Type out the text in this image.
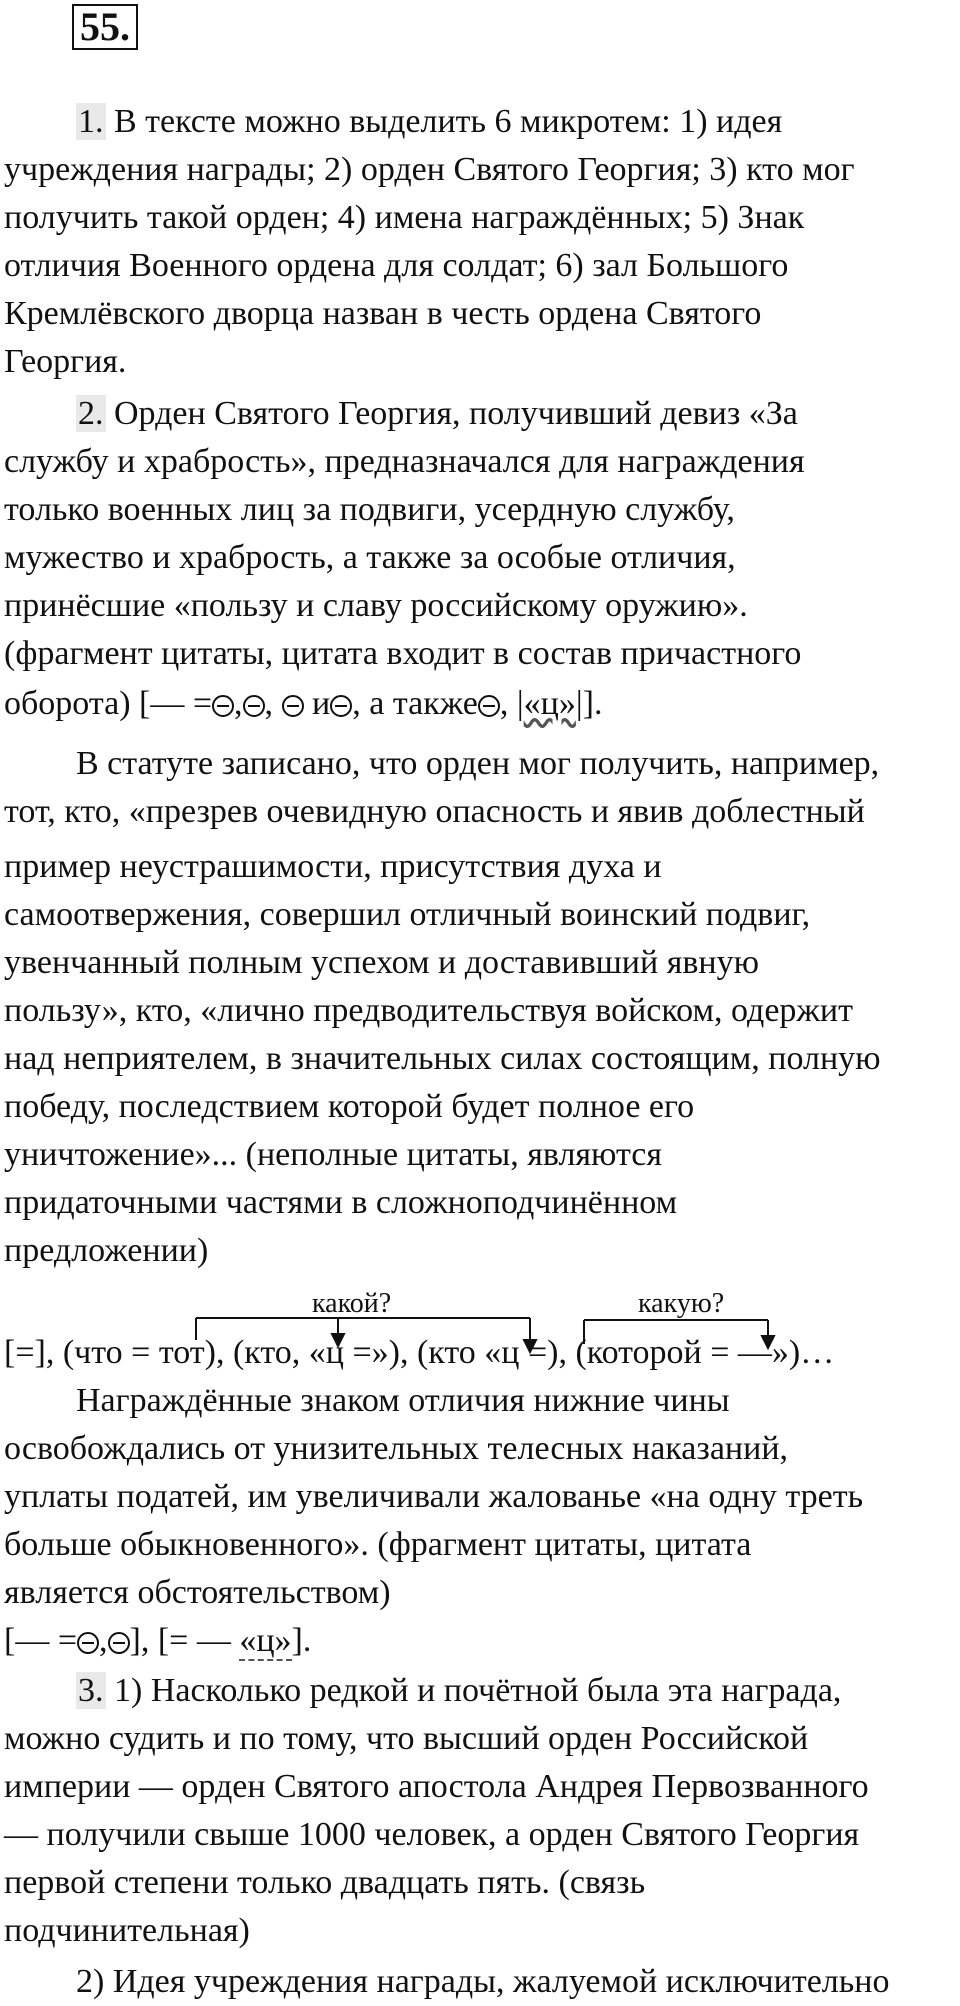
55.
1. В тексте можно выделить 6 микротем: 1) идея
учреждения награды; 2) орден Святого Георгия; 3) кто мог
получить такой орден; 4) имена награждённых; 5) Знак
отличия Военного ордена для солдат; 6) зал Большого
Кремлёвского дворца назван в честь ордена Святого
Георгия.
2. Орден Святого Георгия, получивший девиз «За
службу и храбрость», предназначался для награждения
только военных лиц за подвиги, усердную службу,
мужество и храбрость, а также за особые отличия,
принёсшие «пользу и славу российскому оружию».
(фрагмент цитаты, цитата входит в состав причастного
оборота) [— = , ,  и , а также , |«ц»|].
В статуте записано, что орден мог получить, например,
тот, кто, «презрев очевидную опасность и явив доблестный
пример неустрашимости, присутствия духа и
самоотвержения, совершил отличный воинский подвиг,
увенчанный полным успехом и доставивший явную
пользу», кто, «лично предводительствуя войском, одержит
над неприятелем, в значительных силах состоящим, полную
победу, последствием которой будет полное его
уничтожение»... (неполные цитаты, являются
придаточными частями в сложноподчинённом
предложении)
какой?	какую?
[=], (что = тот), (кто, «ц =»), (кто «ц =), (которой = —»)…
Награждённые знаком отличия нижние чины
освобождались от унизительных телесных наказаний,
уплаты податей, им увеличивали жалованье «на одну треть
больше обыкновенного». (фрагмент цитаты, цитата
является обстоятельством)
[— = , ], [= — «ц»].
3. 1) Насколько редкой и почётной была эта награда,
можно судить и по тому, что высший орден Российской
империи — орден Святого апостола Андрея Первозванного
— получили свыше 1000 человек, а орден Святого Георгия
первой степени только двадцать пять. (связь
подчинительная)
2) Идея учреждения награды, жалуемой исключительно
